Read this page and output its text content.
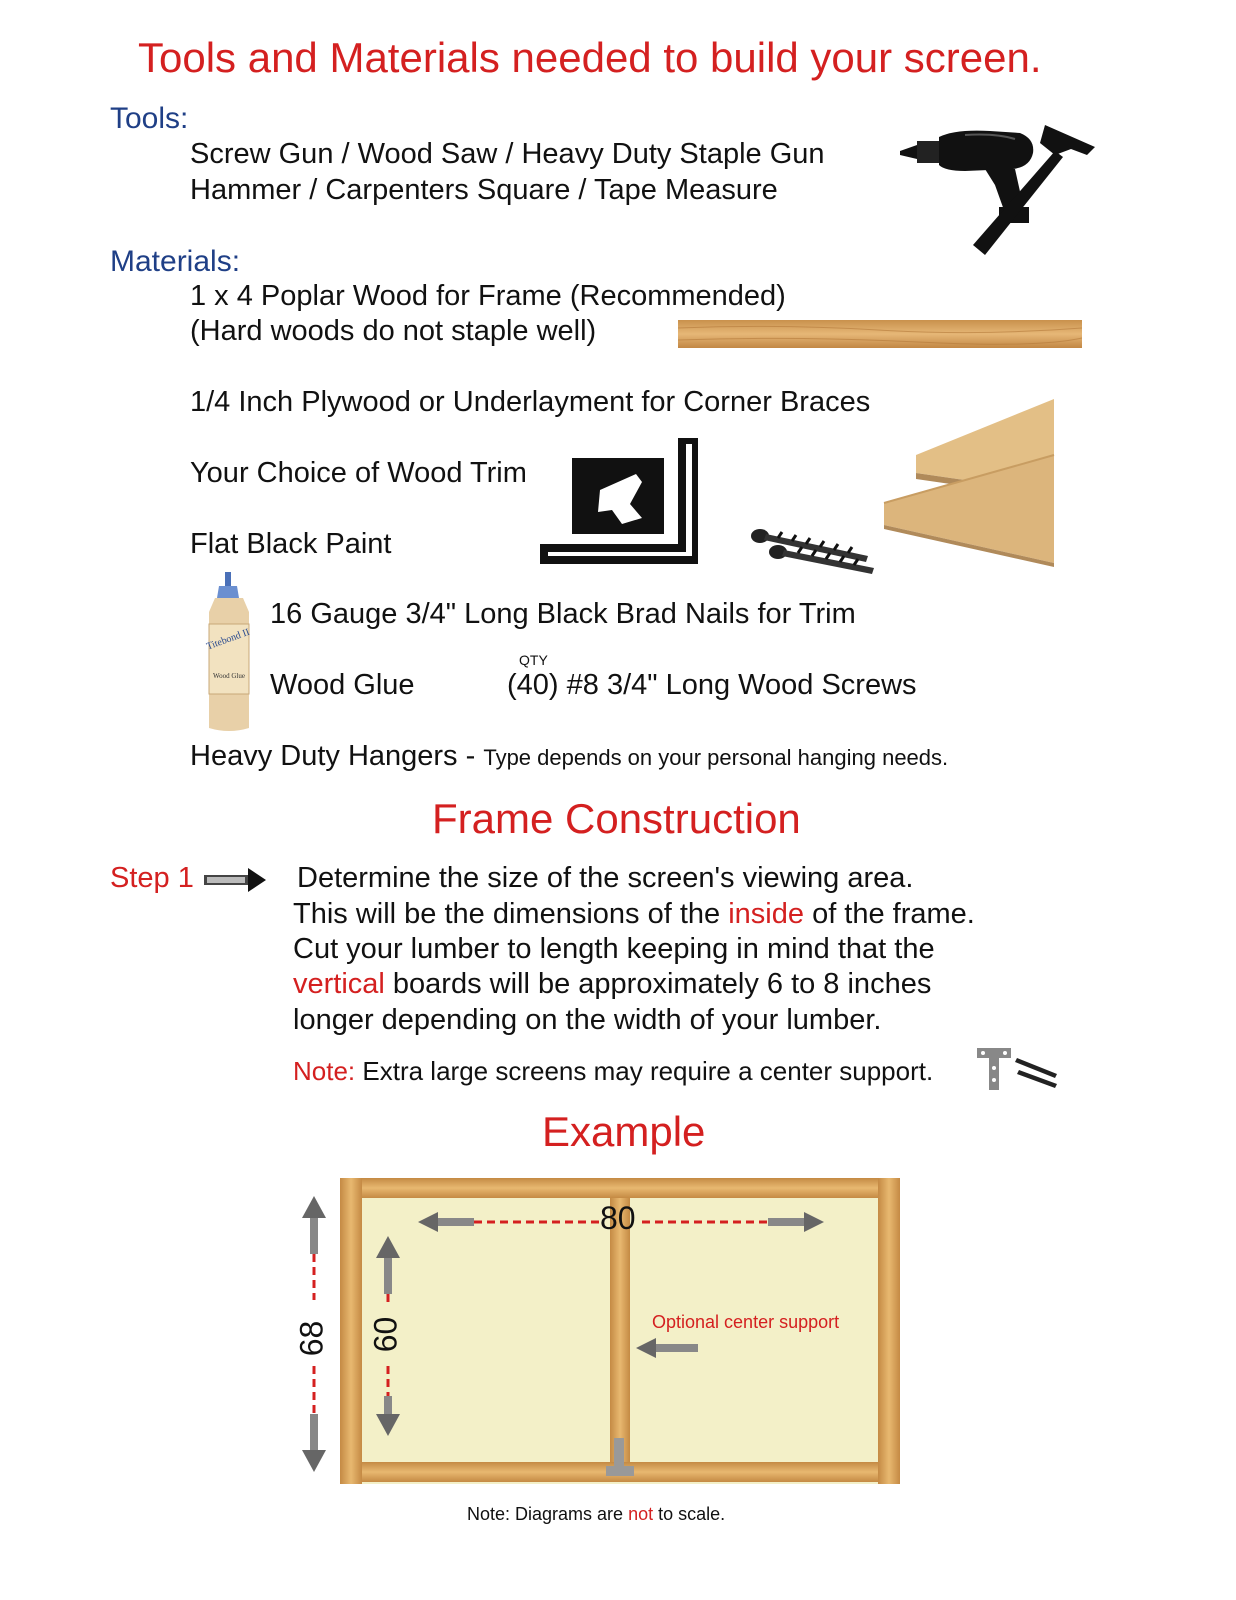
Tools and Materials needed to build your screen.
Tools:
Screw Gun / Wood Saw / Heavy Duty Staple Gun
Hammer / Carpenters Square / Tape Measure
Materials:
1 x 4 Poplar Wood for Frame (Recommended)
(Hard woods do not staple well)
1/4 Inch Plywood or Underlayment for Corner Braces
Your Choice of Wood Trim
Flat Black Paint
Titebond II
Wood Glue
16 Gauge 3/4" Long Black Brad Nails for Trim
Wood Glue
QTY
(40) #8 3/4" Long Wood Screws
Heavy Duty Hangers - Type depends on your personal hanging needs.
Frame Construction
Step 1	Determine the size of the screen's viewing area.
This will be the dimensions of the inside of the frame.
Cut your lumber to length keeping in mind that the
vertical boards will be approximately 6 to 8 inches
longer depending on the width of your lumber.
Note: Extra large screens may require a center support.
Example
80
68 60	Optional center support
Note: Diagrams are not to scale.
